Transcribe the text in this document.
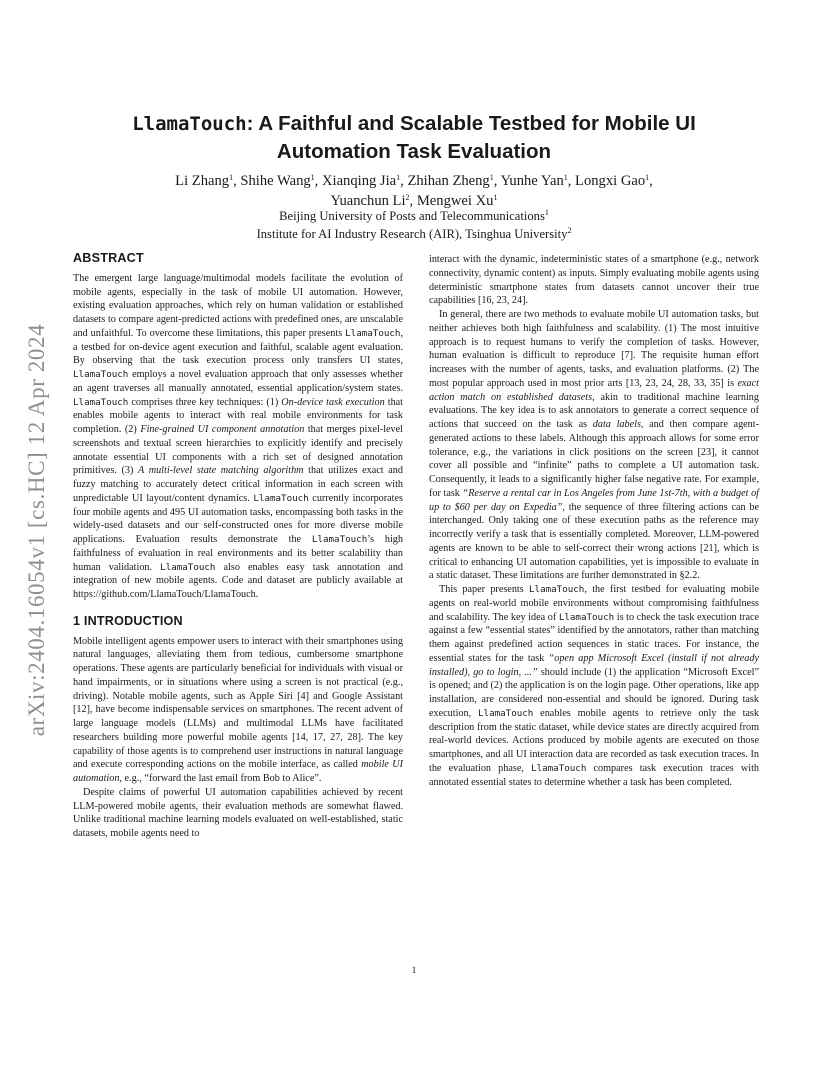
arXiv:2404.16054v1 [cs.HC] 12 Apr 2024
LlamaTouch: A Faithful and Scalable Testbed for Mobile UI Automation Task Evaluation
Li Zhang$^1$, Shihe Wang$^1$, Xianqing Jia$^1$, Zhihan Zheng$^1$, Yunhe Yan$^1$, Longxi Gao$^1$,
Yuanchun Li$^2$, Mengwei Xu$^1$
Beijing University of Posts and Telecommunications$^1$
Institute for AI Industry Research (AIR), Tsinghua University$^2$
ABSTRACT

The emergent large language/multimodal models facilitate the evolution of mobile agents, especially in the task of mobile UI automation. However, existing evaluation approaches, which rely on human validation or established datasets to compare agent-predicted actions with predefined ones, are unscalable and unfaithful. To overcome these limitations, this paper presents LlamaTouch, a testbed for on-device agent execution and faithful, scalable agent evaluation. By observing that the task execution process only transfers UI states, LlamaTouch employs a novel evaluation approach that only assesses whether an agent traverses all manually annotated, essential application/system states. LlamaTouch comprises three key techniques: (1) On-device task execution that enables mobile agents to interact with real mobile environments for task completion. (2) Fine-grained UI component annotation that merges pixel-level screenshots and textual screen hierarchies to explicitly identify and precisely annotate essential UI components with a rich set of designed annotation primitives. (3) A multi-level state matching algorithm that utilizes exact and fuzzy matching to accurately detect critical information in each screen with unpredictable UI layout/content dynamics. LlamaTouch currently incorporates four mobile agents and 495 UI automation tasks, encompassing both tasks in the widely-used datasets and our self-constructed ones for more diverse mobile applications. Evaluation results demonstrate the LlamaTouch’s high faithfulness of evaluation in real environments and its better scalability than human validation. LlamaTouch also enables easy task annotation and integration of new mobile agents. Code and dataset are publicly available at https://github.com/LlamaTouch/LlamaTouch.

1 INTRODUCTION

Mobile intelligent agents empower users to interact with their smartphones using natural languages, alleviating them from tedious, cumbersome smartphone operations. These agents are particularly beneficial for individuals with visual or hand impairments, or in situations where using a screen is not practical (e.g., driving). Notable mobile agents, such as Apple Siri [4] and Google Assistant [12], have become indispensable services on smartphones. The recent advent of large language models (LLMs) and multimodal LLMs have facilitated researchers building more powerful mobile agents [14, 17, 27, 28]. The key capability of those agents is to comprehend user instructions in natural language and execute corresponding actions on the mobile interface, as called mobile UI automation, e.g., “forward the last email from Bob to Alice”.

Despite claims of powerful UI automation capabilities achieved by recent LLM-powered mobile agents, their evaluation methods are somewhat flawed. Unlike traditional machine learning models evaluated on well-established, static datasets, mobile agents need to

interact with the dynamic, indeterministic states of a smartphone (e.g., network connectivity, dynamic content) as inputs. Simply evaluating mobile agents using deterministic smartphone states from datasets cannot uncover their true capabilities [16, 23, 24].

In general, there are two methods to evaluate mobile UI automation tasks, but neither achieves both high faithfulness and scalability. (1) The most intuitive approach is to request humans to verify the completion of tasks. However, human evaluation is difficult to reproduce [7]. The requisite human effort increases with the number of agents, tasks, and evaluation platforms. (2) The most popular approach used in most prior arts [13, 23, 24, 28, 33, 35] is exact action match on established datasets, akin to traditional machine learning evaluations. The key idea is to ask annotators to generate a correct sequence of actions that succeed on the task as data labels, and then compare agent-generated actions to these labels. Although this approach allows for some error tolerance, e.g., the variations in click positions on the screen [23], it cannot cover all possible and “infinite” paths to complete a UI automation task. Consequently, it leads to a significantly higher false negative rate. For example, for task “Reserve a rental car in Los Angeles from June 1st-7th, with a budget of up to $60 per day on Expedia”, the sequence of three filtering actions can be interchanged. Only taking one of these execution paths as the reference may incorrectly verify a task that is essentially completed. Moreover, LLM-powered agents are known to be able to self-correct their wrong actions [21], which is critical to enhancing UI automation capabilities, yet is impossible to evaluate in a static dataset. These limitations are further demonstrated in §2.2.

This paper presents LlamaTouch, the first testbed for evaluating mobile agents on real-world mobile environments without compromising faithfulness and scalability. The key idea of LlamaTouch is to check the task execution trace against a few “essential states” identified by the annotators, rather than matching them against predefined action sequences in static traces. For instance, the essential states for the task “open app Microsoft Excel (install if not already installed), go to login, ...” should include (1) the application “Microsoft Excel” is opened; and (2) the application is on the login page. Other operations, like app installation, are considered non-essential and should be ignored. During task execution, LlamaTouch enables mobile agents to retrieve only the task description from the static dataset, while device states are directly acquired from real-world devices. Actions produced by mobile agents are executed on those smartphones, and all UI interaction data are recorded as task execution traces. In the evaluation phase, LlamaTouch compares task execution traces with annotated essential states to determine whether a task has been completed.

1
